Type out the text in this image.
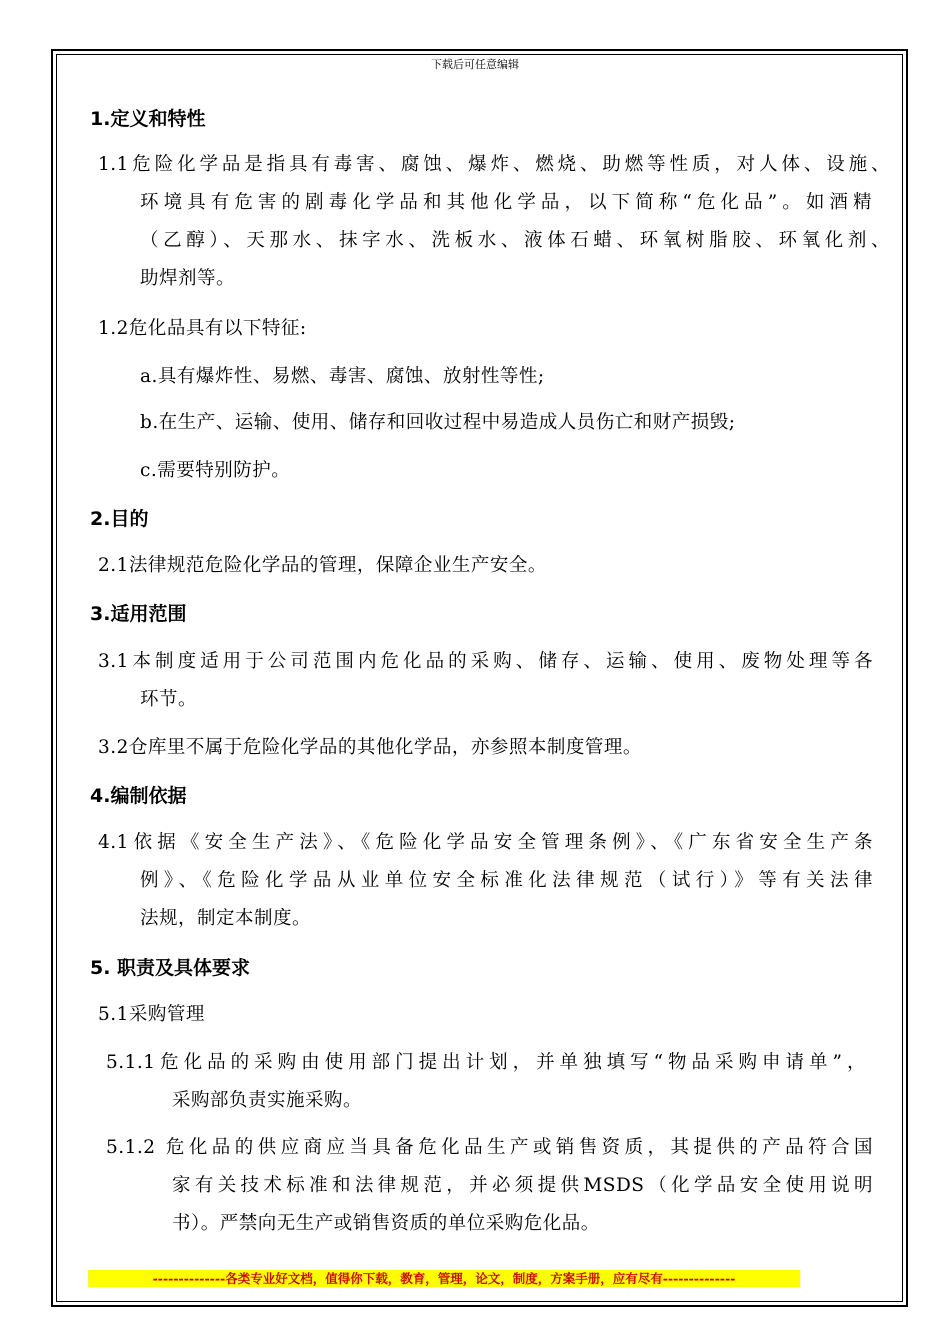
下载后可任意编辑
1.定义和特性
1.1危险化学品是指具有毒害、腐蚀、爆炸、燃烧、助燃等性质，对人体、设施、
环境具有危害的剧毒化学品和其他化学品，以下简称“危化品”。如酒精
（乙醇）、天那水、抹字水、洗板水、液体石蜡、环氧树脂胶、环氧化剂、
助焊剂等。
1.2危化品具有以下特征:
a.具有爆炸性、易燃、毒害、腐蚀、放射性等性;
b.在生产、运输、使用、储存和回收过程中易造成人员伤亡和财产损毁;
c.需要特别防护。
2.目的
2.1法律规范危险化学品的管理，保障企业生产安全。
3.适用范围
3.1本制度适用于公司范围内危化品的采购、储存、运输、使用、废物处理等各
环节。
3.2仓库里不属于危险化学品的其他化学品，亦参照本制度管理。
4.编制依据
4.1依据《安全生产法》、《危险化学品安全管理条例》、《广东省安全生产条
例》、《危险化学品从业单位安全标准化法律规范（试行）》等有关法律
法规，制定本制度。
5. 职责及具体要求
5.1采购管理
5.1.1危化品的采购由使用部门提出计划，并单独填写“物品采购申请单”，
采购部负责实施采购。
5.1.2 危化品的供应商应当具备危化品生产或销售资质，其提供的产品符合国
家有关技术标准和法律规范，并必须提供MSDS（化学品安全使用说明
书）。严禁向无生产或销售资质的单位采购危化品。
--------------各类专业好文档，值得你下载，教育，管理，论文，制度，方案手册，应有尽有--------------
